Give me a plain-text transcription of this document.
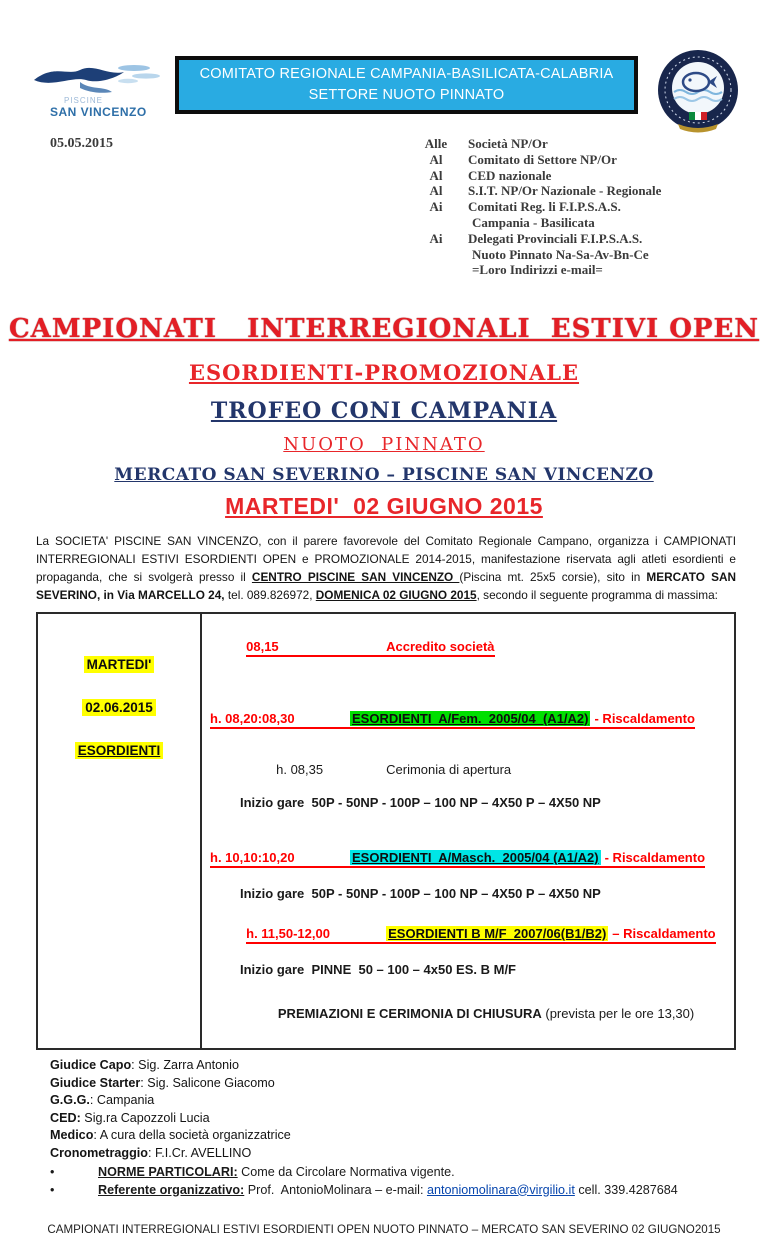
PISCINE
SAN VINCENZO
COMITATO REGIONALE CAMPANIA-BASILICATA-CALABRIA
SETTORE NUOTO PINNATO
05.05.2015	Alle	Società NP/Or
Al	Comitato di Settore NP/Or
Al	CED nazionale
Al	S.I.T. NP/Or Nazionale - Regionale
Ai	Comitati Reg. li F.I.P.S.A.S.
Campania - Basilicata
Ai	Delegati Provinciali F.I.P.S.A.S.
Nuoto Pinnato Na-Sa-Av-Bn-Ce
=Loro Indirizzi e-mail=
CAMPIONATI   INTERREGIONALI  ESTIVI OPEN
ESORDIENTI-PROMOZIONALE
TROFEO CONI CAMPANIA
NUOTO  PINNATO
MERCATO SAN SEVERINO – PISCINE SAN VINCENZO
MARTEDI'  02 GIUGNO 2015

La SOCIETA' PISCINE SAN VINCENZO, con il parere favorevole del Comitato Regionale Campano, organizza i CAMPIONATI INTERREGIONALI ESTIVI ESORDIENTI OPEN e PROMOZIONALE 2014-2015, manifestazione riservata agli atleti esordienti e propaganda, che si svolgerà presso il CENTRO PISCINE SAN VINCENZO (Piscina mt. 25x5 corsie), sito in MERCATO SAN SEVERINO, in Via MARCELLO 24, tel. 089.826972, DOMENICA 02 GIUGNO 2015, secondo il seguente programma di massima:

MARTEDI'
02.06.2015
ESORDIENTI

08,15	Accredito società

h. 08,20:08,30	ESORDIENTI  A/Fem.  2005/04  (A1/A2) - Riscaldamento

h. 08,35	Cerimonia di apertura

Inizio gare  50P - 50NP - 100P – 100 NP – 4X50 P – 4X50 NP

h. 10,10:10,20	ESORDIENTI  A/Masch.  2005/04 (A1/A2) - Riscaldamento

Inizio gare  50P - 50NP - 100P – 100 NP – 4X50 P – 4X50 NP

h. 11,50-12,00	ESORDIENTI B M/F  2007/06(B1/B2) – Riscaldamento

Inizio gare  PINNE  50 – 100 – 4x50 ES. B M/F

PREMIAZIONI E CERIMONIA DI CHIUSURA (prevista per le ore 13,30)

Giudice Capo: Sig. Zarra Antonio
Giudice Starter: Sig. Salicone Giacomo
G.G.G.: Campania
CED: Sig.ra Capozzoli Lucia
Medico: A cura della società organizzatrice
Cronometraggio: F.I.Cr. AVELLINO
•	NORME PARTICOLARI: Come da Circolare Normativa vigente.
•	Referente organizzativo: Prof.  AntonioMolinara – e-mail: antoniomolinara@virgilio.it cell. 339.4287684
CAMPIONATI INTERREGIONALI ESTIVI ESORDIENTI OPEN NUOTO PINNATO – MERCATO SAN SEVERINO 02 GIUGNO2015
